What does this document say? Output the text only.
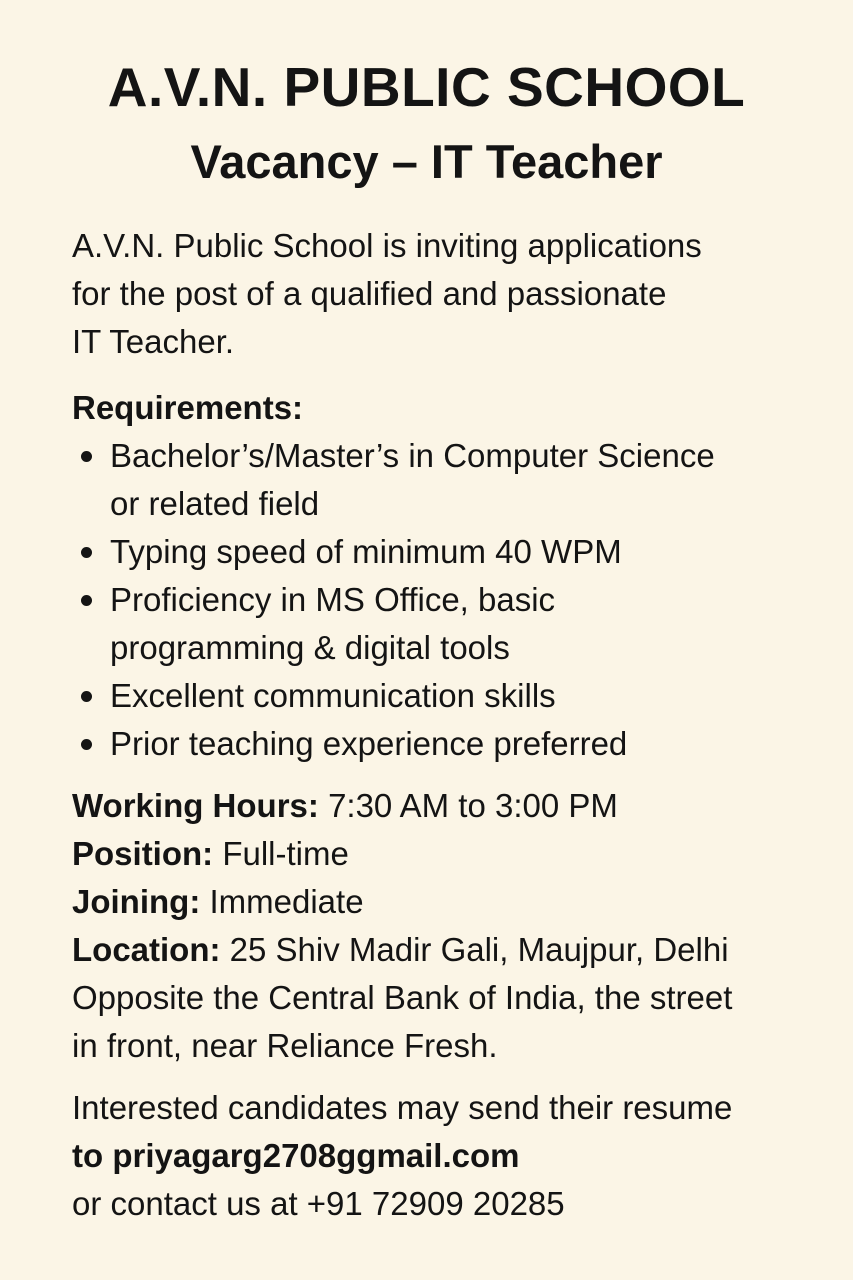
A.V.N. PUBLIC SCHOOL
Vacancy – IT Teacher
A.V.N. Public School is inviting applications
for the post of a qualified and passionate
IT Teacher.
Requirements:
Bachelor’s/Master’s in Computer Science
or related field
Typing speed of minimum 40 WPM
Proficiency in MS Office, basic
programming & digital tools
Excellent communication skills
Prior teaching experience preferred
Working Hours: 7:30 AM to 3:00 PM
Position: Full-time
Joining: Immediate
Location: 25 Shiv Madir Gali, Maujpur, Delhi
Opposite the Central Bank of India, the street
in front, near Reliance Fresh.
Interested candidates may send their resume
to priyagarg2708ggmail.com
or contact us at +91 72909 20285
